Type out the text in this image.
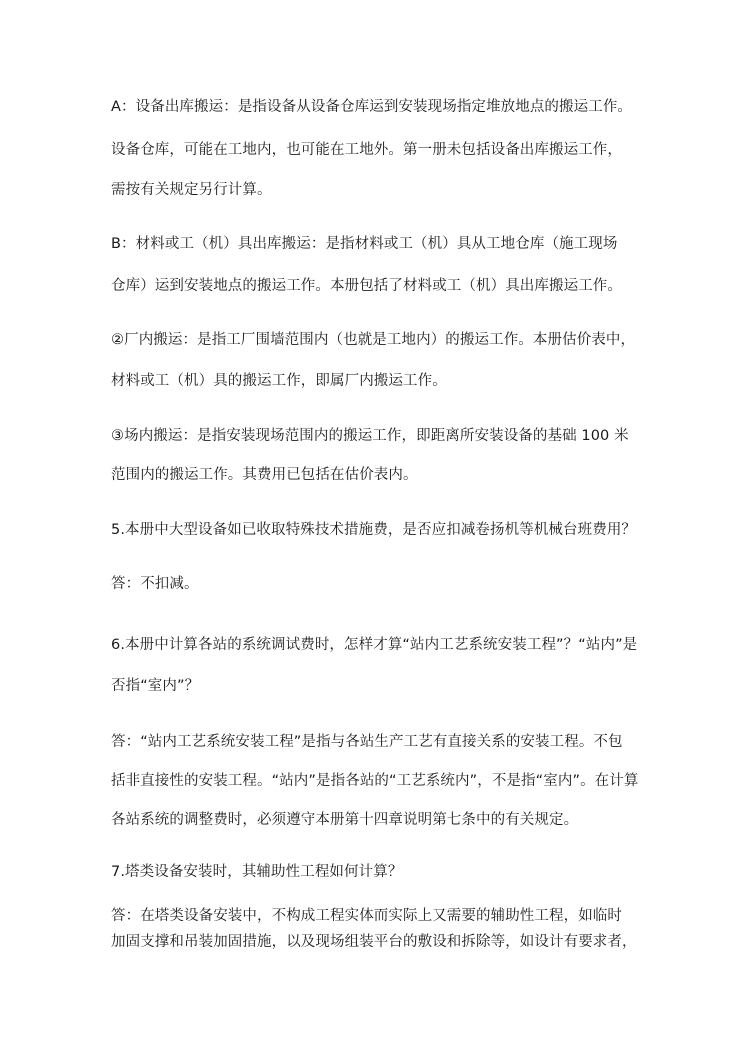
A：设备出库搬运：是指设备从设备仓库运到安装现场指定堆放地点的搬运工作。
设备仓库，可能在工地内，也可能在工地外。第一册未包括设备出库搬运工作，
需按有关规定另行计算。
B：材料或工（机）具出库搬运：是指材料或工（机）具从工地仓库（施工现场
仓库）运到安装地点的搬运工作。本册包括了材料或工（机）具出库搬运工作。
②厂内搬运：是指工厂围墙范围内（也就是工地内）的搬运工作。本册估价表中，
材料或工（机）具的搬运工作，即属厂内搬运工作。
③场内搬运：是指安装现场范围内的搬运工作，即距离所安装设备的基础 100 米
范围内的搬运工作。其费用已包括在估价表内。
5.本册中大型设备如已收取特殊技术措施费，是否应扣减卷扬机等机械台班费用？
答：不扣减。
6.本册中计算各站的系统调试费时，怎样才算“站内工艺系统安装工程”？“站内”是
否指“室内”？
答：“站内工艺系统安装工程”是指与各站生产工艺有直接关系的安装工程。不包
括非直接性的安装工程。“站内”是指各站的“工艺系统内”，不是指“室内”。在计算
各站系统的调整费时，必须遵守本册第十四章说明第七条中的有关规定。
7.塔类设备安装时，其辅助性工程如何计算？
答：在塔类设备安装中，不构成工程实体而实际上又需要的辅助性工程，如临时
加固支撑和吊装加固措施，以及现场组装平台的敷设和拆除等，如设计有要求者，
